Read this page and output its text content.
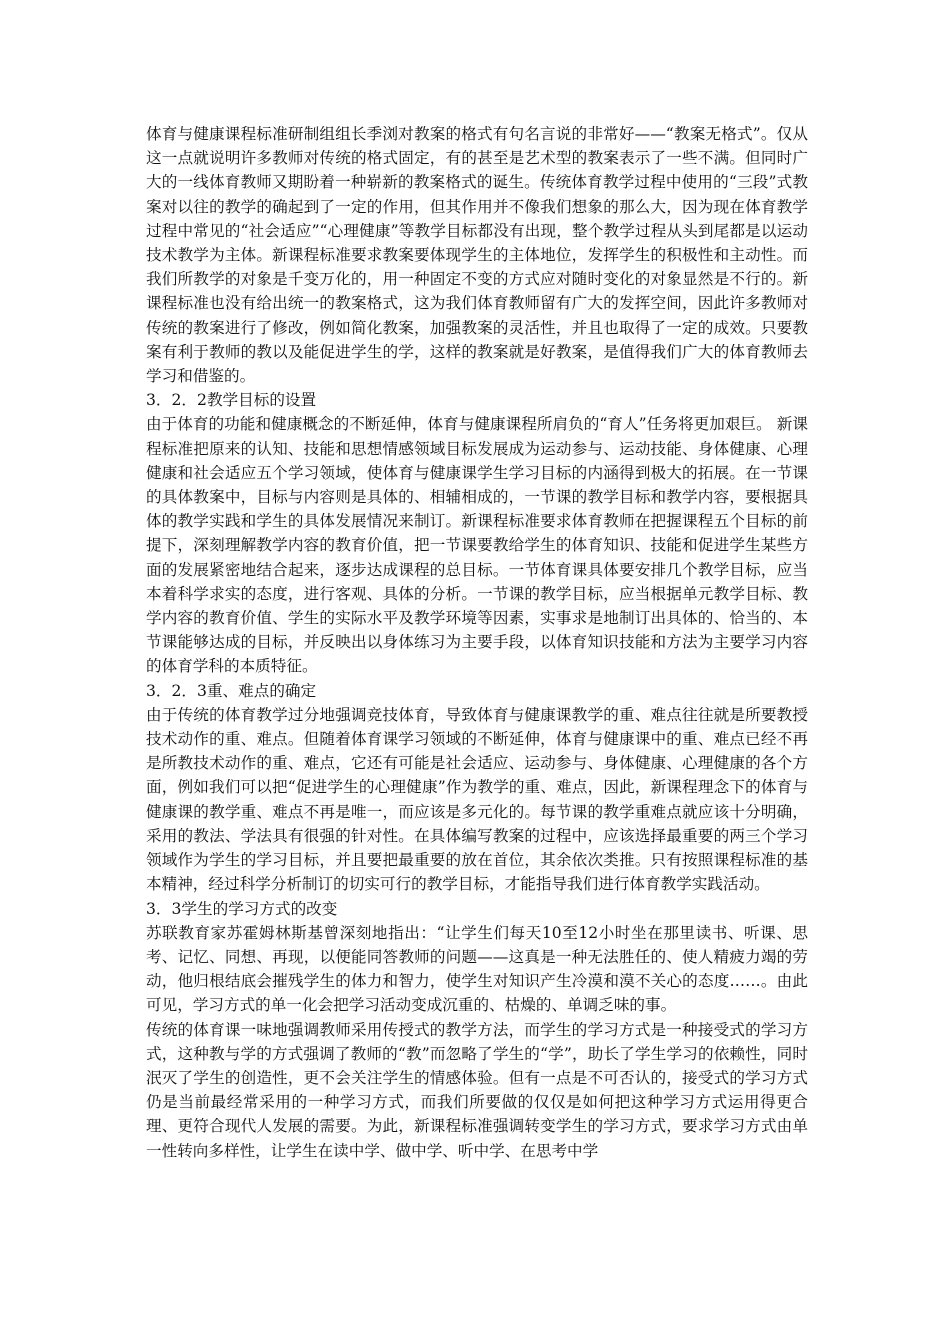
体育与健康课程标准研制组组长季浏对教案的格式有句名言说的非常好——“教案无格式”。仅从这一点就说明许多教师对传统的格式固定，有的甚至是艺术型的教案表示了一些不满。但同时广大的一线体育教师又期盼着一种崭新的教案格式的诞生。传统体育教学过程中使用的“三段”式教案对以往的教学的确起到了一定的作用，但其作用并不像我们想象的那么大，因为现在体育教学过程中常见的“社会适应”“心理健康”等教学目标都没有出现，整个教学过程从头到尾都是以运动技术教学为主体。新课程标准要求教案要体现学生的主体地位，发挥学生的积极性和主动性。而我们所教学的对象是千变万化的，用一种固定不变的方式应对随时变化的对象显然是不行的。新课程标准也没有给出统一的教案格式，这为我们体育教师留有广大的发挥空间，因此许多教师对传统的教案进行了修改，例如简化教案，加强教案的灵活性，并且也取得了一定的成效。只要教案有利于教师的教以及能促进学生的学，这样的教案就是好教案，是值得我们广大的体育教师去学习和借鉴的。

3．2．2教学目标的设置

由于体育的功能和健康概念的不断延伸，体育与健康课程所肩负的“育人”任务将更加艰巨。 新课程标准把原来的认知、技能和思想情感领域目标发展成为运动参与、运动技能、身体健康、心理健康和社会适应五个学习领域，使体育与健康课学生学习目标的内涵得到极大的拓展。在一节课的具体教案中，目标与内容则是具体的、相辅相成的，一节课的教学目标和教学内容，要根据具体的教学实践和学生的具体发展情况来制订。新课程标准要求体育教师在把握课程五个目标的前提下，深刻理解教学内容的教育价值，把一节课要教给学生的体育知识、技能和促进学生某些方面的发展紧密地结合起来，逐步达成课程的总目标。一节体育课具体要安排几个教学目标，应当本着科学求实的态度，进行客观、具体的分析。一节课的教学目标，应当根据单元教学目标、教学内容的教育价值、学生的实际水平及教学环境等因素，实事求是地制订出具体的、恰当的、本节课能够达成的目标，并反映出以身体练习为主要手段，以体育知识技能和方法为主要学习内容的体育学科的本质特征。

3．2．3重、难点的确定

由于传统的体育教学过分地强调竞技体育，导致体育与健康课教学的重、难点往往就是所要教授技术动作的重、难点。但随着体育课学习领域的不断延伸，体育与健康课中的重、难点已经不再是所教技术动作的重、难点，它还有可能是社会适应、运动参与、身体健康、心理健康的各个方面，例如我们可以把“促进学生的心理健康”作为教学的重、难点，因此，新课程理念下的体育与健康课的教学重、难点不再是唯一，而应该是多元化的。每节课的教学重难点就应该十分明确，采用的教法、学法具有很强的针对性。在具体编写教案的过程中，应该选择最重要的两三个学习领域作为学生的学习目标，并且要把最重要的放在首位，其余依次类推。只有按照课程标准的基本精神，经过科学分析制订的切实可行的教学目标，才能指导我们进行体育教学实践活动。

3．3学生的学习方式的改变

苏联教育家苏霍姆林斯基曾深刻地指出：“让学生们每天10至12小时坐在那里读书、听课、思考、记忆、同想、再现，以便能同答教师的问题——这真是一种无法胜任的、使人精疲力竭的劳动，他归根结底会摧残学生的体力和智力，使学生对知识产生冷漠和漠不关心的态度……。由此可见，学习方式的单一化会把学习活动变成沉重的、枯燥的、单调乏味的事。

传统的体育课一味地强调教师采用传授式的教学方法，而学生的学习方式是一种接受式的学习方式，这种教与学的方式强调了教师的“教”而忽略了学生的“学”，助长了学生学习的依赖性，同时泯灭了学生的创造性，更不会关注学生的情感体验。但有一点是不可否认的，接受式的学习方式仍是当前最经常采用的一种学习方式，而我们所要做的仅仅是如何把这种学习方式运用得更合理、更符合现代人发展的需要。为此，新课程标准强调转变学生的学习方式，要求学习方式由单一性转向多样性，让学生在读中学、做中学、听中学、在思考中学
